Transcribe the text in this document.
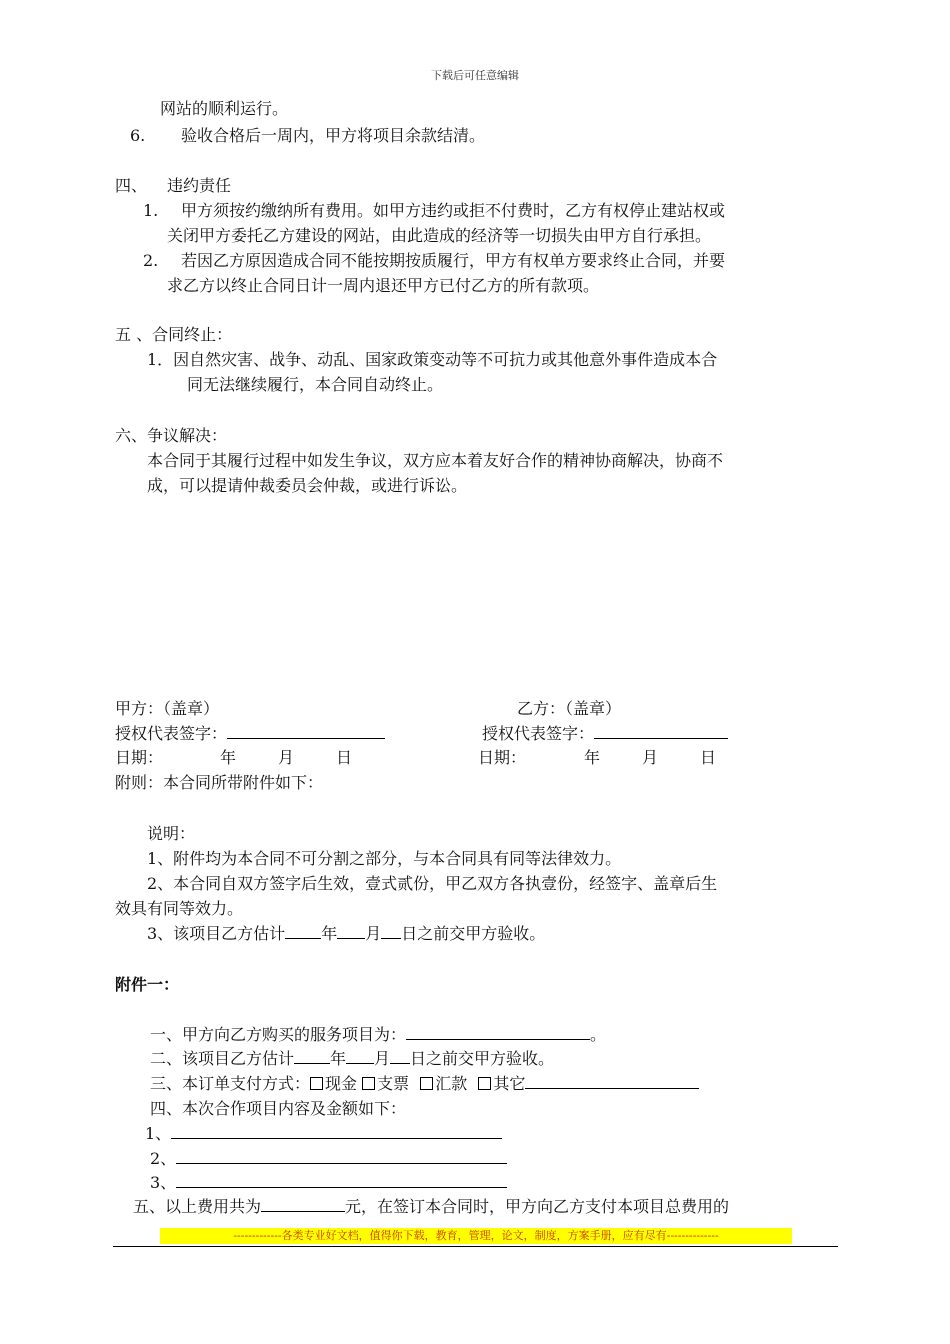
下载后可任意编辑
网站的顺利运行。
6. 验收合格后一周内，甲方将项目余款结清。
四、 违约责任
1. 甲方须按约缴纳所有费用。如甲方违约或拒不付费时，乙方有权停止建站权或
关闭甲方委托乙方建设的网站，由此造成的经济等一切损失由甲方自行承担。
2. 若因乙方原因造成合同不能按期按质履行，甲方有权单方要求终止合同，并要
求乙方以终止合同日计一周内退还甲方已付乙方的所有款项。
五 、合同终止：
1．因自然灾害、战争、动乱、国家政策变动等不可抗力或其他意外事件造成本合
同无法继续履行，本合同自动终止。
六、争议解决：
本合同于其履行过程中如发生争议，双方应本着友好合作的精神协商解决，协商不
成，可以提请仲裁委员会仲裁，或进行诉讼。
甲方：（盖章）	乙方：（盖章）
授权代表签字：	授权代表签字：
日期：	年	月	日	日期：	年	月	日
附则：本合同所带附件如下：
说明：
1、附件均为本合同不可分割之部分，与本合同具有同等法律效力。
2、本合同自双方签字后生效，壹式贰份，甲乙双方各执壹份，经签字、盖章后生
效具有同等效力。
3、该项目乙方估计 年 月 日之前交甲方验收。
附件一：
一、甲方向乙方购买的服务项目为：	。
二、该项目乙方估计 年 月 日之前交甲方验收。
三、本订单支付方式： 现金 支票 汇款 其它
四、本次合作项目内容及金额如下：
1、
2、
3、
五、以上费用共为	元，在签订本合同时，甲方向乙方支付本项目总费用的
-------------各类专业好文档，值得你下载，教育，管理，论文，制度，方案手册，应有尽有--------------
